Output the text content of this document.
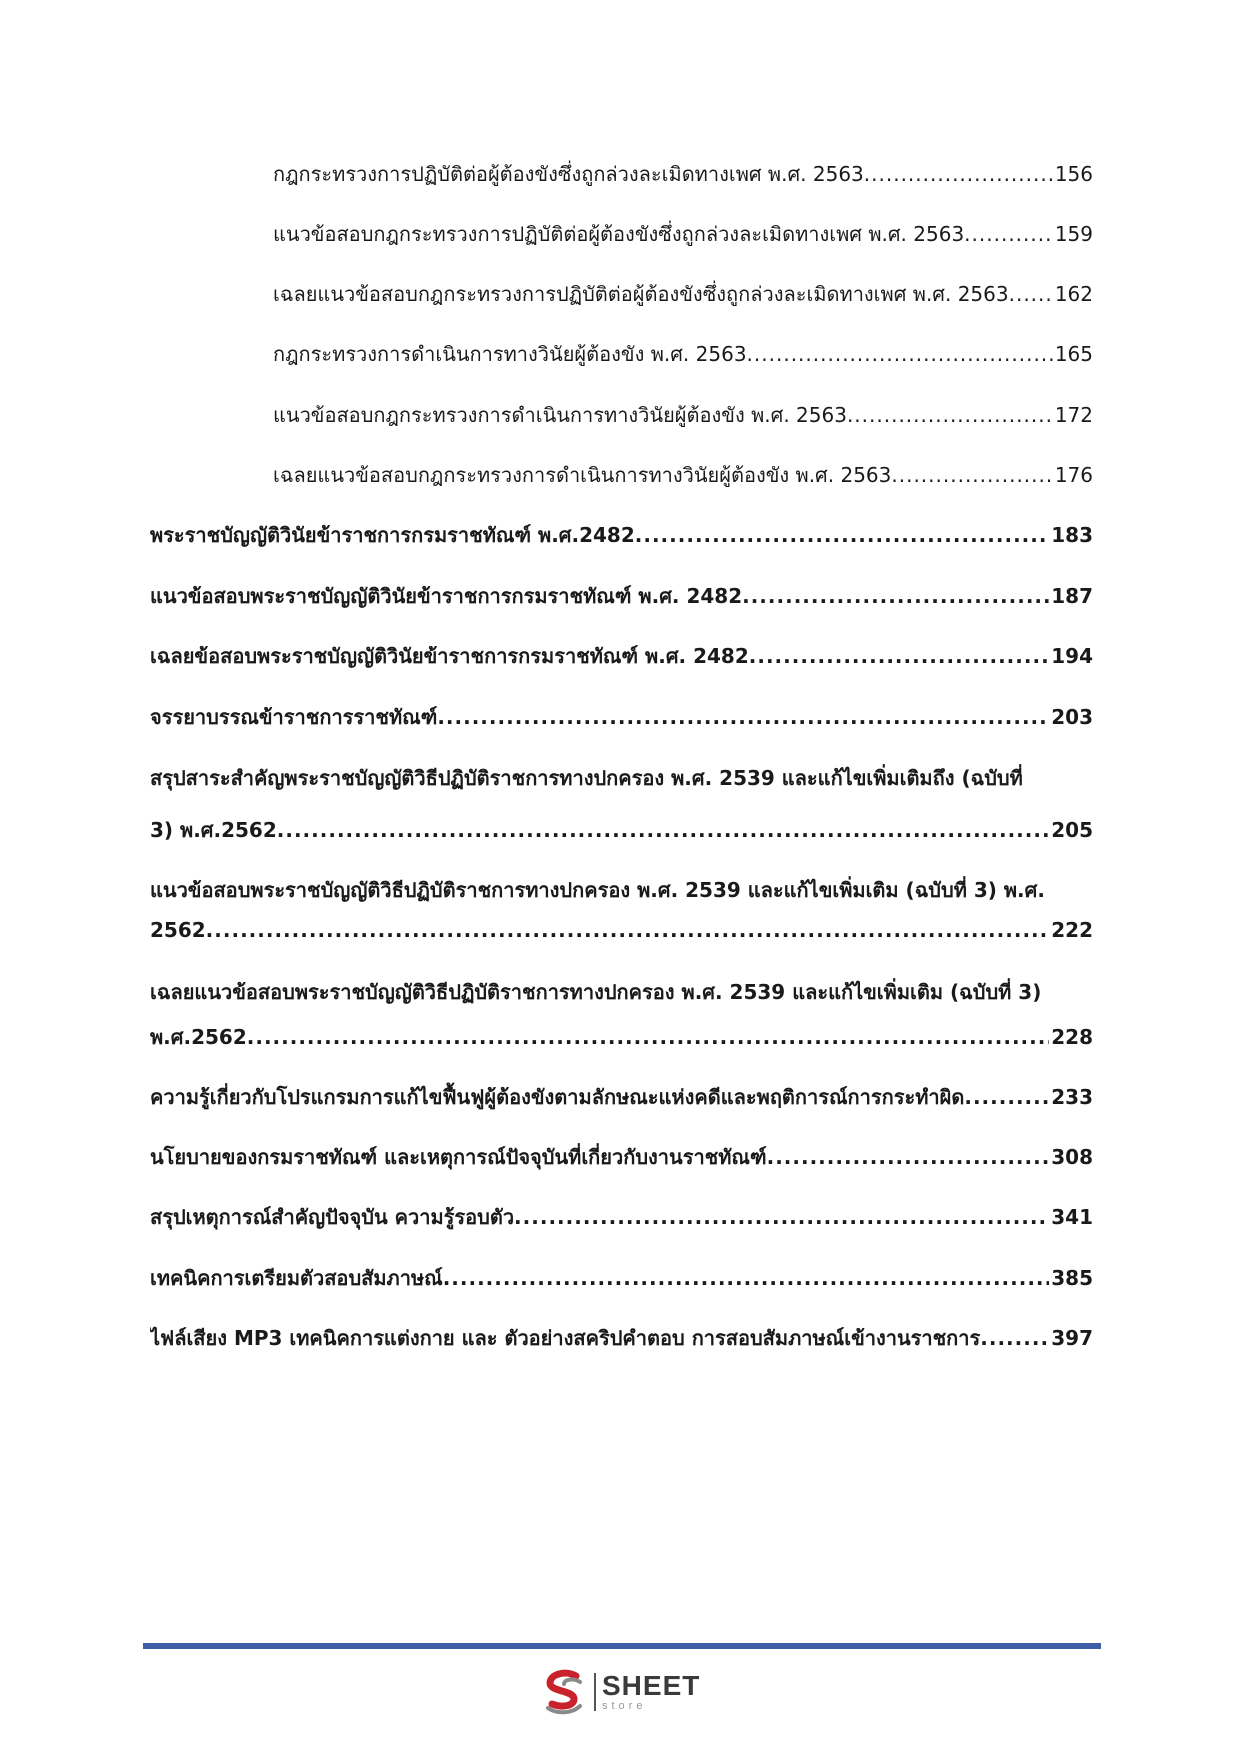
กฎกระทรวงการปฏิบัติต่อผู้ต้องขังซึ่งถูกล่วงละเมิดทางเพศ พ.ศ. 2563 .....	156
แนวข้อสอบกฎกระทรวงการปฏิบัติต่อผู้ต้องขังซึ่งถูกล่วงละเมิดทางเพศ พ.ศ. 2563 .....	159
เฉลยแนวข้อสอบกฎกระทรวงการปฏิบัติต่อผู้ต้องขังซึ่งถูกล่วงละเมิดทางเพศ พ.ศ. 2563 ..... 162
กฎกระทรวงการดำเนินการทางวินัยผู้ต้องขัง พ.ศ. 2563 .....	165
แนวข้อสอบกฎกระทรวงการดำเนินการทางวินัยผู้ต้องขัง พ.ศ. 2563 .....	172
เฉลยแนวข้อสอบกฎกระทรวงการดำเนินการทางวินัยผู้ต้องขัง พ.ศ. 2563 .....	176
พระราชบัญญัติวินัยข้าราชการกรมราชทัณฑ์ พ.ศ.2482 .....	183
แนวข้อสอบพระราชบัญญัติวินัยข้าราชการกรมราชทัณฑ์ พ.ศ. 2482 .....	187
เฉลยข้อสอบพระราชบัญญัติวินัยข้าราชการกรมราชทัณฑ์ พ.ศ. 2482 .....	194
จรรยาบรรณข้าราชการราชทัณฑ์ .....	203
สรุปสาระสำคัญพระราชบัญญัติวิธีปฏิบัติราชการทางปกครอง พ.ศ. 2539 และแก้ไขเพิ่มเติมถึง (ฉบับที่
3) พ.ศ.2562 .....	205
แนวข้อสอบพระราชบัญญัติวิธีปฏิบัติราชการทางปกครอง พ.ศ. 2539 และแก้ไขเพิ่มเติม (ฉบับที่ 3) พ.ศ.
2562 .....	222
เฉลยแนวข้อสอบพระราชบัญญัติวิธีปฏิบัติราชการทางปกครอง พ.ศ. 2539 และแก้ไขเพิ่มเติม (ฉบับที่ 3)
พ.ศ.2562 .....	228
ความรู้เกี่ยวกับโปรแกรมการแก้ไขฟื้นฟูผู้ต้องขังตามลักษณะแห่งคดีและพฤติการณ์การกระทำผิด .....	233
นโยบายของกรมราชทัณฑ์ และเหตุการณ์ปัจจุบันที่เกี่ยวกับงานราชทัณฑ์ .....	308
สรุปเหตุการณ์สำคัญปัจจุบัน ความรู้รอบตัว .....	341
เทคนิคการเตรียมตัวสอบสัมภาษณ์ .....	385
ไฟล์เสียง MP3 เทคนิคการแต่งกาย และ ตัวอย่างสคริปคำตอบ การสอบสัมภาษณ์เข้างานราชการ .....	397
SHEET
store
